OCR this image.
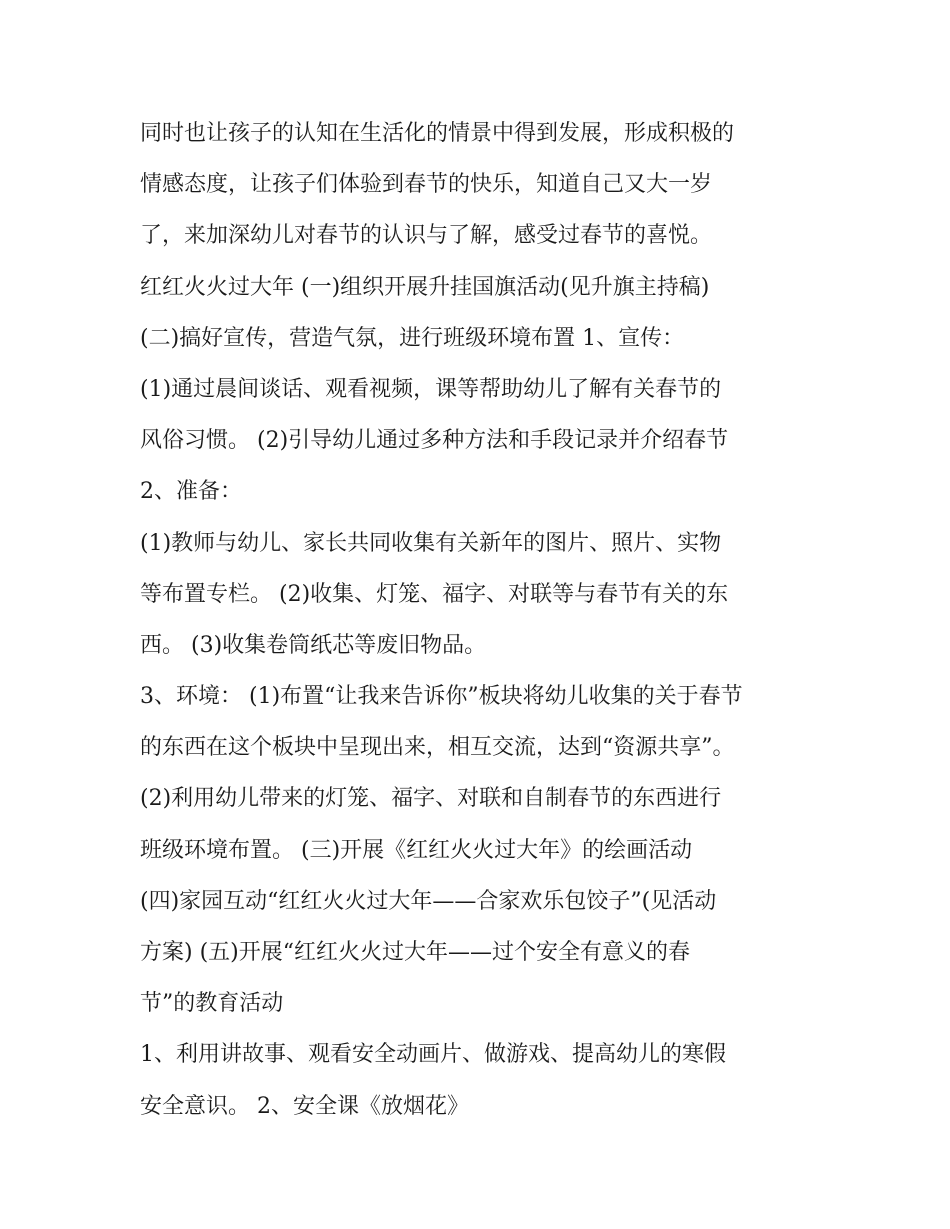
同时也让孩子的认知在生活化的情景中得到发展，形成积极的
情感态度，让孩子们体验到春节的快乐，知道自己又大一岁
了，来加深幼儿对春节的认识与了解，感受过春节的喜悦。
红红火火过大年 (一)组织开展升挂国旗活动(见升旗主持稿)
(二)搞好宣传，营造气氛，进行班级环境布置 1、宣传：
(1)通过晨间谈话、观看视频，课等帮助幼儿了解有关春节的
风俗习惯。 (2)引导幼儿通过多种方法和手段记录并介绍春节
2、准备：
(1)教师与幼儿、家长共同收集有关新年的图片、照片、实物
等布置专栏。 (2)收集、灯笼、福字、对联等与春节有关的东
西。 (3)收集卷筒纸芯等废旧物品。
3、环境： (1)布置“让我来告诉你”板块将幼儿收集的关于春节
的东西在这个板块中呈现出来，相互交流，达到“资源共享”。
(2)利用幼儿带来的灯笼、福字、对联和自制春节的东西进行
班级环境布置。 (三)开展《红红火火过大年》的绘画活动
(四)家园互动“红红火火过大年——合家欢乐包饺子”(见活动
方案) (五)开展“红红火火过大年——过个安全有意义的春
节”的教育活动
1、利用讲故事、观看安全动画片、做游戏、提高幼儿的寒假
安全意识。 2、安全课《放烟花》
